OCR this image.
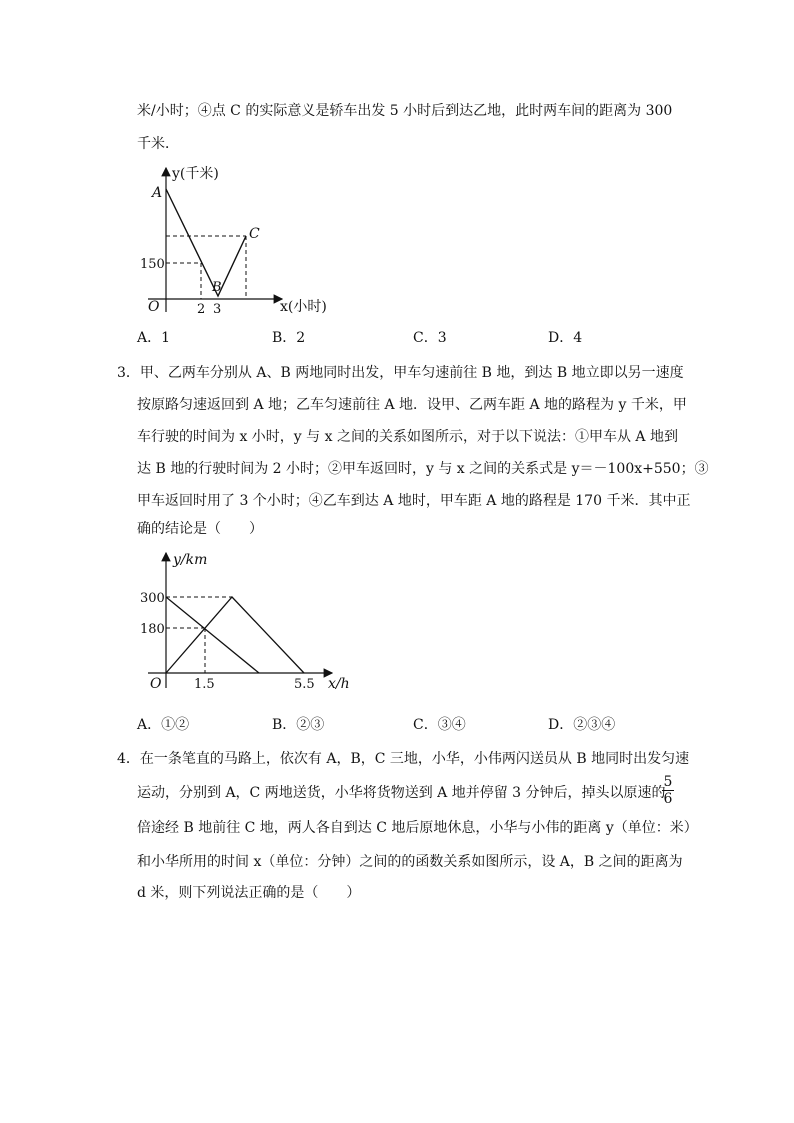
米/小时；④点 C 的实际意义是轿车出发 5 小时后到达乙地，此时两车间的距离为 300
千米．
y(千米)
A
C
B
150
O	2 3	x(小时)
A．1	B．2	C．3	D．4
3．甲、乙两车分别从 A、B 两地同时出发，甲车匀速前往 B 地，到达 B 地立即以另一速度
按原路匀速返回到 A 地；乙车匀速前往 A 地．设甲、乙两车距 A 地的路程为 y 千米，甲
车行驶的时间为 x 小时，y 与 x 之间的关系如图所示，对于以下说法：①甲车从 A 地到
达 B 地的行驶时间为 2 小时；②甲车返回时，y 与 x 之间的关系式是 y＝－100x+550；③
甲车返回时用了 3 个小时；④乙车到达 A 地时，甲车距 A 地的路程是 170 千米．其中正
确的结论是（　　）
y/km
300
180
O	1.5	5.5 x/h
A．①②	B．②③	C．③④	D．②③④
4．在一条笔直的马路上，依次有 A，B，C 三地，小华，小伟两闪送员从 B 地同时出发匀速
运动，分别到 A，C 两地送货，小华将货物送到 A 地并停留 3 分钟后，掉头以原速的
$\frac{5}{6}$
倍途经 B 地前往 C 地，两人各自到达 C 地后原地休息，小华与小伟的距离 y（单位：米）
和小华所用的时间 x（单位：分钟）之间的的函数关系如图所示，设 A，B 之间的距离为
d 米，则下列说法正确的是（　　）
